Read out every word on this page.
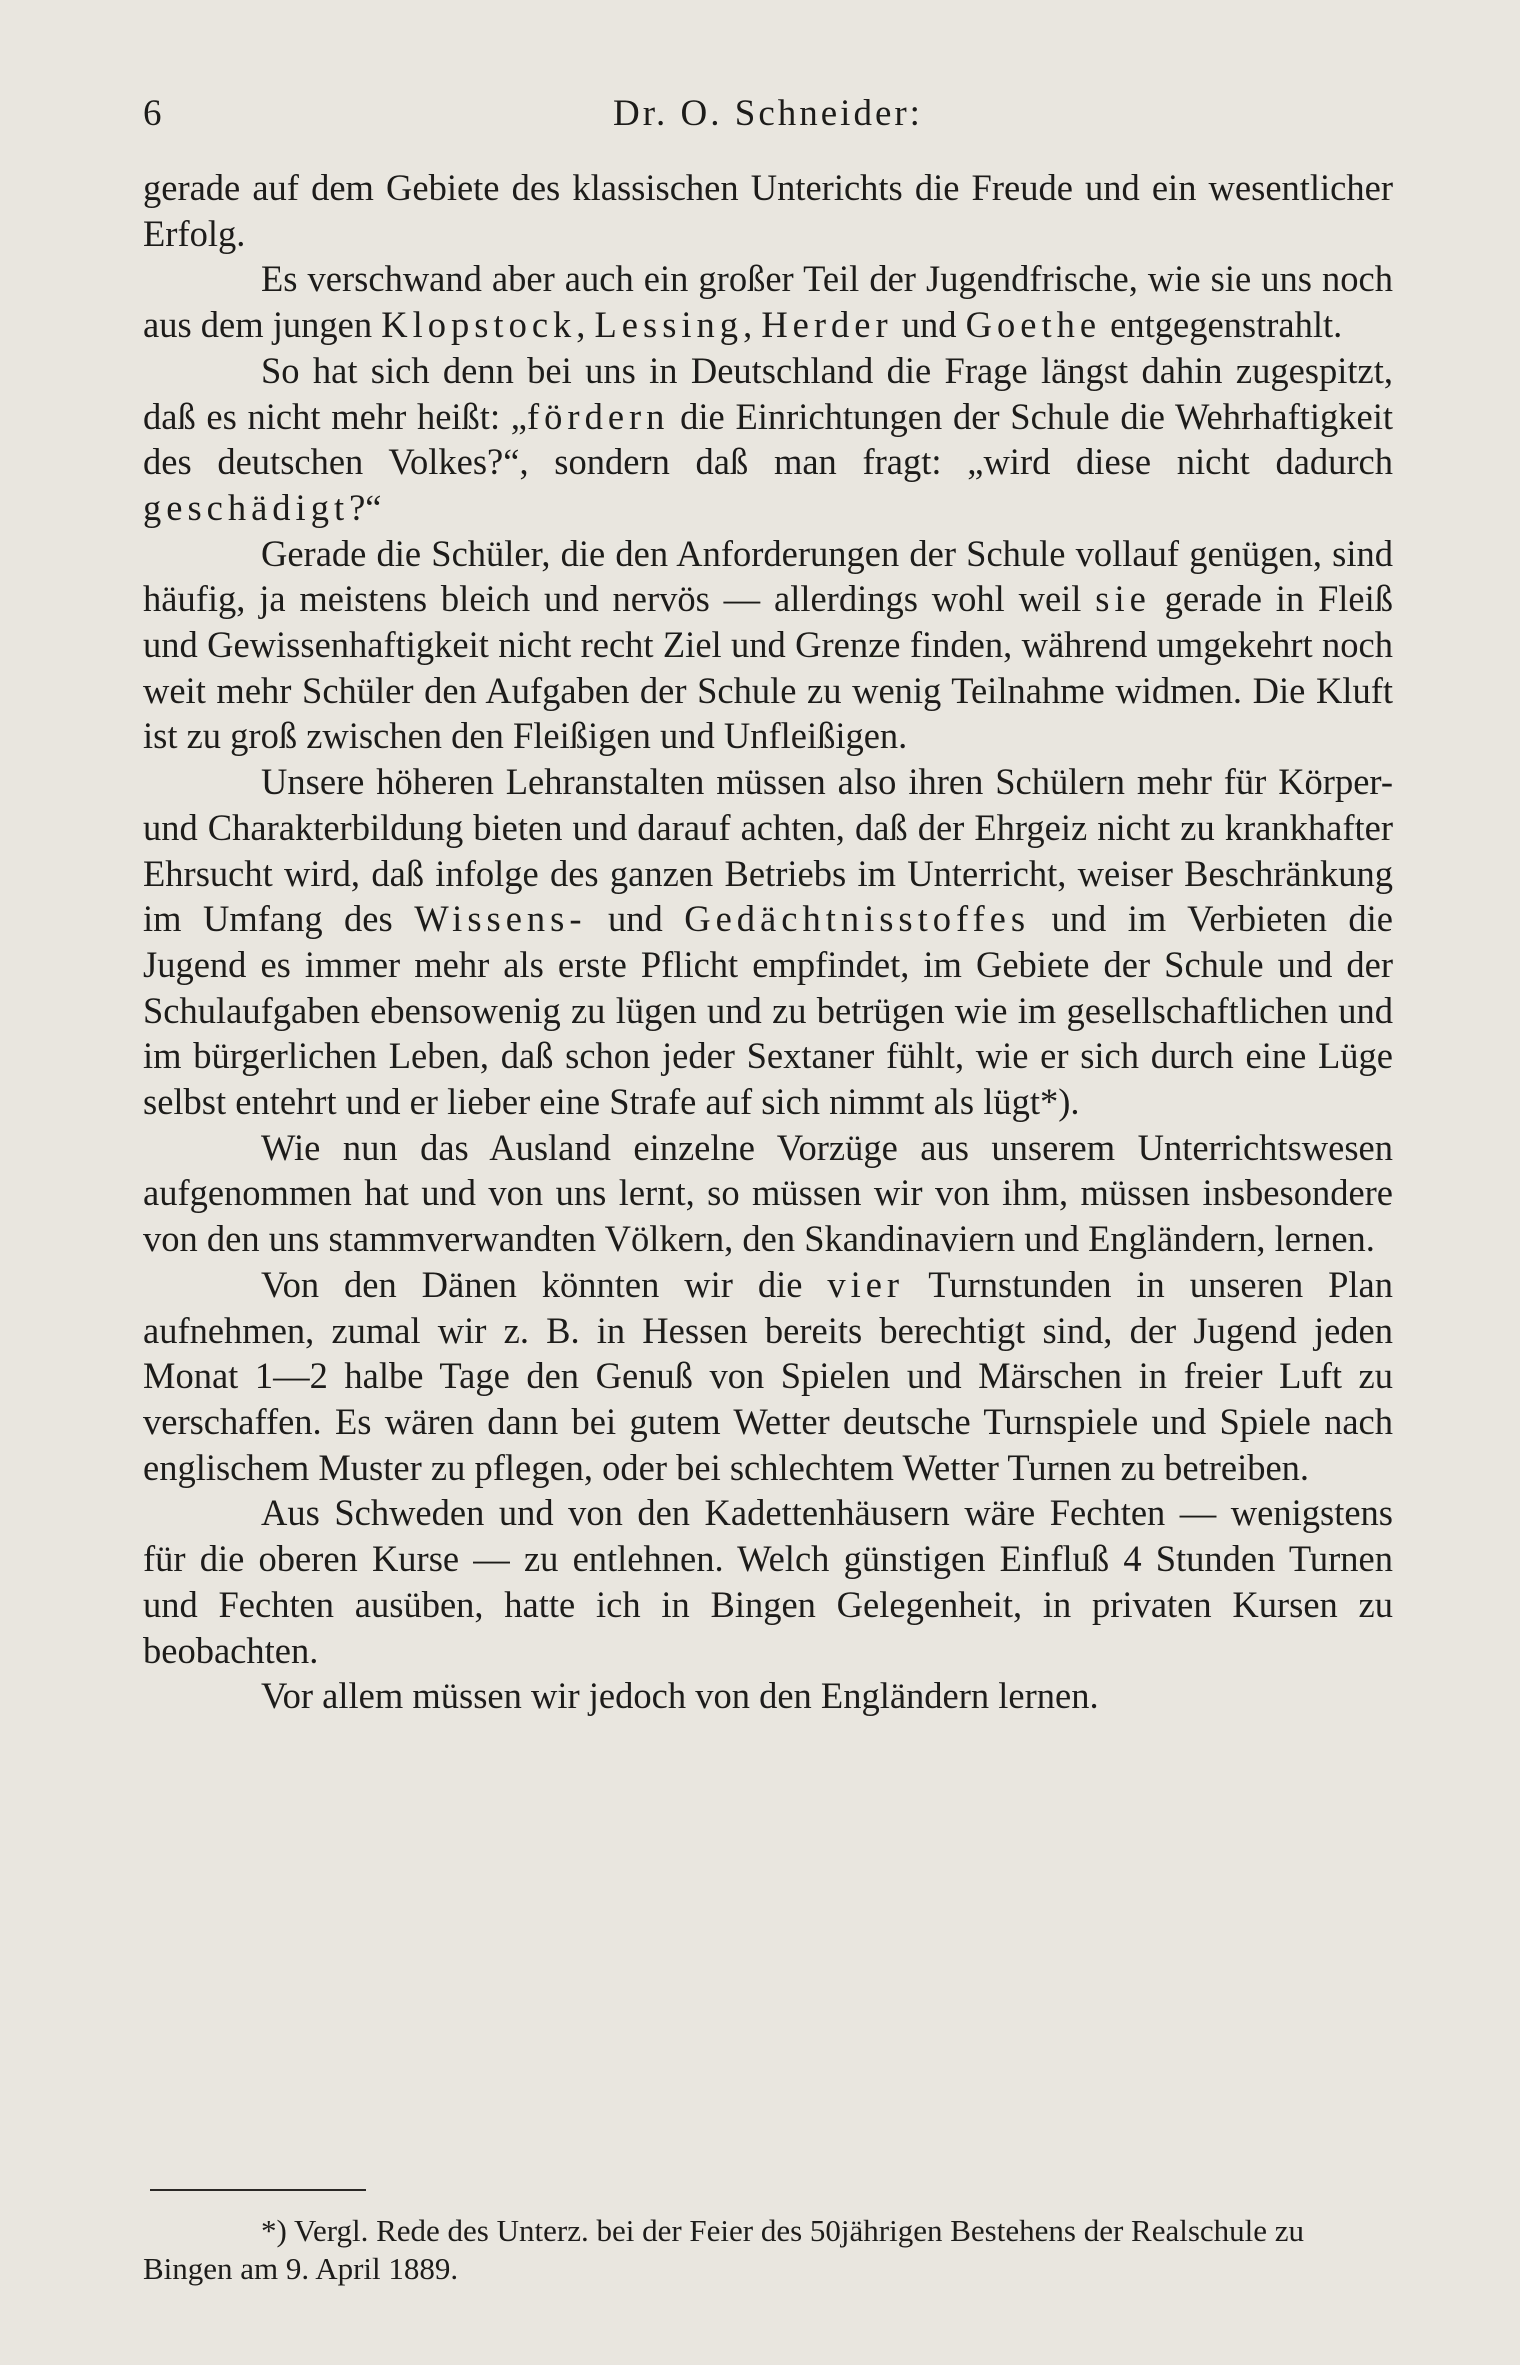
6	Dr. O. Schneider:

gerade auf dem Gebiete des klassischen Unterichts die Freude und ein wesentlicher Erfolg.

Es verschwand aber auch ein großer Teil der Jugendfrische, wie sie uns noch aus dem jungen Klopstock, Lessing, Herder und Goethe entgegenstrahlt.

So hat sich denn bei uns in Deutschland die Frage längst dahin zugespitzt, daß es nicht mehr heißt: „fördern die Einrichtungen der Schule die Wehrhaftigkeit des deutschen Volkes?“, sondern daß man fragt: „wird diese nicht dadurch geschädigt?“

Gerade die Schüler, die den Anforderungen der Schule vollauf genügen, sind häufig, ja meistens bleich und nervös — allerdings wohl weil sie gerade in Fleiß und Gewissenhaftigkeit nicht recht Ziel und Grenze finden, während umgekehrt noch weit mehr Schüler den Aufgaben der Schule zu wenig Teilnahme widmen. Die Kluft ist zu groß zwischen den Fleißigen und Unfleißigen.

Unsere höheren Lehranstalten müssen also ihren Schülern mehr für Körper- und Charakterbildung bieten und darauf achten, daß der Ehrgeiz nicht zu krankhafter Ehrsucht wird, daß infolge des ganzen Betriebs im Unterricht, weiser Beschränkung im Umfang des Wissens- und Gedächtnisstoffes und im Verbieten die Jugend es immer mehr als erste Pflicht empfindet, im Gebiete der Schule und der Schulaufgaben ebensowenig zu lügen und zu betrügen wie im gesellschaftlichen und im bürgerlichen Leben, daß schon jeder Sextaner fühlt, wie er sich durch eine Lüge selbst entehrt und er lieber eine Strafe auf sich nimmt als lügt*).

Wie nun das Ausland einzelne Vorzüge aus unserem Unterrichtswesen aufgenommen hat und von uns lernt, so müssen wir von ihm, müssen insbesondere von den uns stammverwandten Völkern, den Skandinaviern und Engländern, lernen.

Von den Dänen könnten wir die vier Turnstunden in unseren Plan aufnehmen, zumal wir z. B. in Hessen bereits berechtigt sind, der Jugend jeden Monat 1—2 halbe Tage den Genuß von Spielen und Märschen in freier Luft zu verschaffen. Es wären dann bei gutem Wetter deutsche Turnspiele und Spiele nach englischem Muster zu pflegen, oder bei schlechtem Wetter Turnen zu betreiben.

Aus Schweden und von den Kadettenhäusern wäre Fechten — wenigstens für die oberen Kurse — zu entlehnen. Welch günstigen Einfluß 4 Stunden Turnen und Fechten ausüben, hatte ich in Bingen Gelegenheit, in privaten Kursen zu beobachten.

Vor allem müssen wir jedoch von den Engländern lernen.

*) Vergl. Rede des Unterz. bei der Feier des 50jährigen Bestehens der Realschule zu Bingen am 9. April 1889.
